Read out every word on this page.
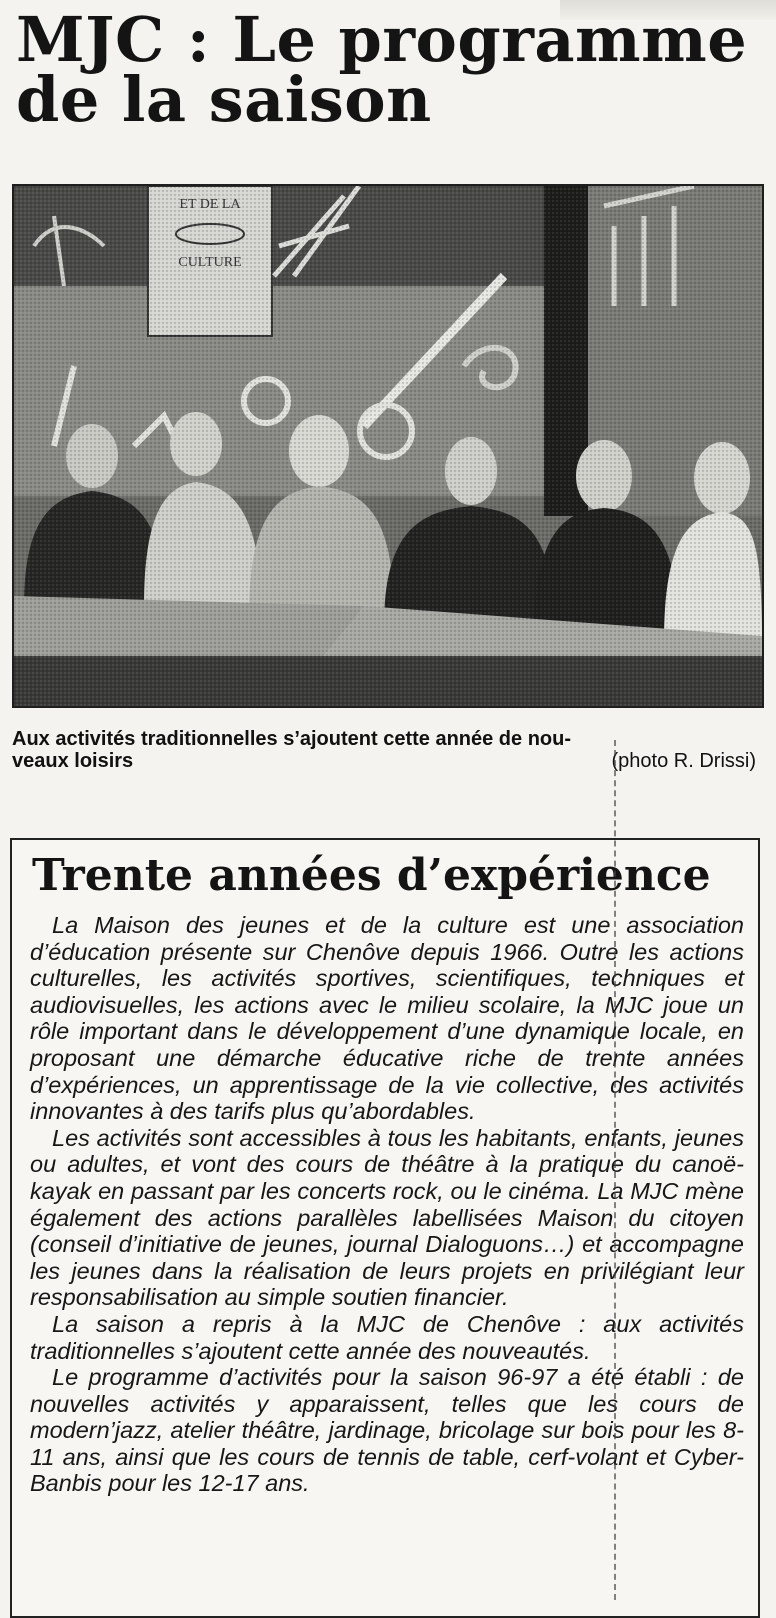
MJC : Le programme
de la saison
Aux activités traditionnelles s’ajoutent cette année de nou-
veaux loisirs	(photo R. Drissi)
Trente années d’expérience

La Maison des jeunes et de la culture est une association d’éducation présente sur Chenôve depuis 1966. Outre les actions culturelles, les activités sportives, scientifiques, techniques et audiovisuelles, les actions avec le milieu scolaire, la MJC joue un rôle important dans le développement d’une dynamique locale, en proposant une démarche éducative riche de trente années d’expériences, un apprentissage de la vie collective, des activités innovantes à des tarifs plus qu’abordables.

Les activités sont accessibles à tous les habitants, enfants, jeunes ou adultes, et vont des cours de théâtre à la pratique du canoë-kayak en passant par les concerts rock, ou le cinéma. La MJC mène également des actions parallèles labellisées Maison du citoyen (conseil d’initiative de jeunes, journal Dialoguons…) et accompagne les jeunes dans la réalisation de leurs projets en privilégiant leur responsabilisation au simple soutien financier.

La saison a repris à la MJC de Chenôve : aux activités traditionnelles s’ajoutent cette année des nouveautés.

Le programme d’activités pour la saison 96-97 a été établi : de nouvelles activités y apparaissent, telles que les cours de modern’jazz, atelier théâtre, jardinage, bricolage sur bois pour les 8-11 ans, ainsi que les cours de tennis de table, cerf-volant et Cyber-Banbis pour les 12-17 ans.
